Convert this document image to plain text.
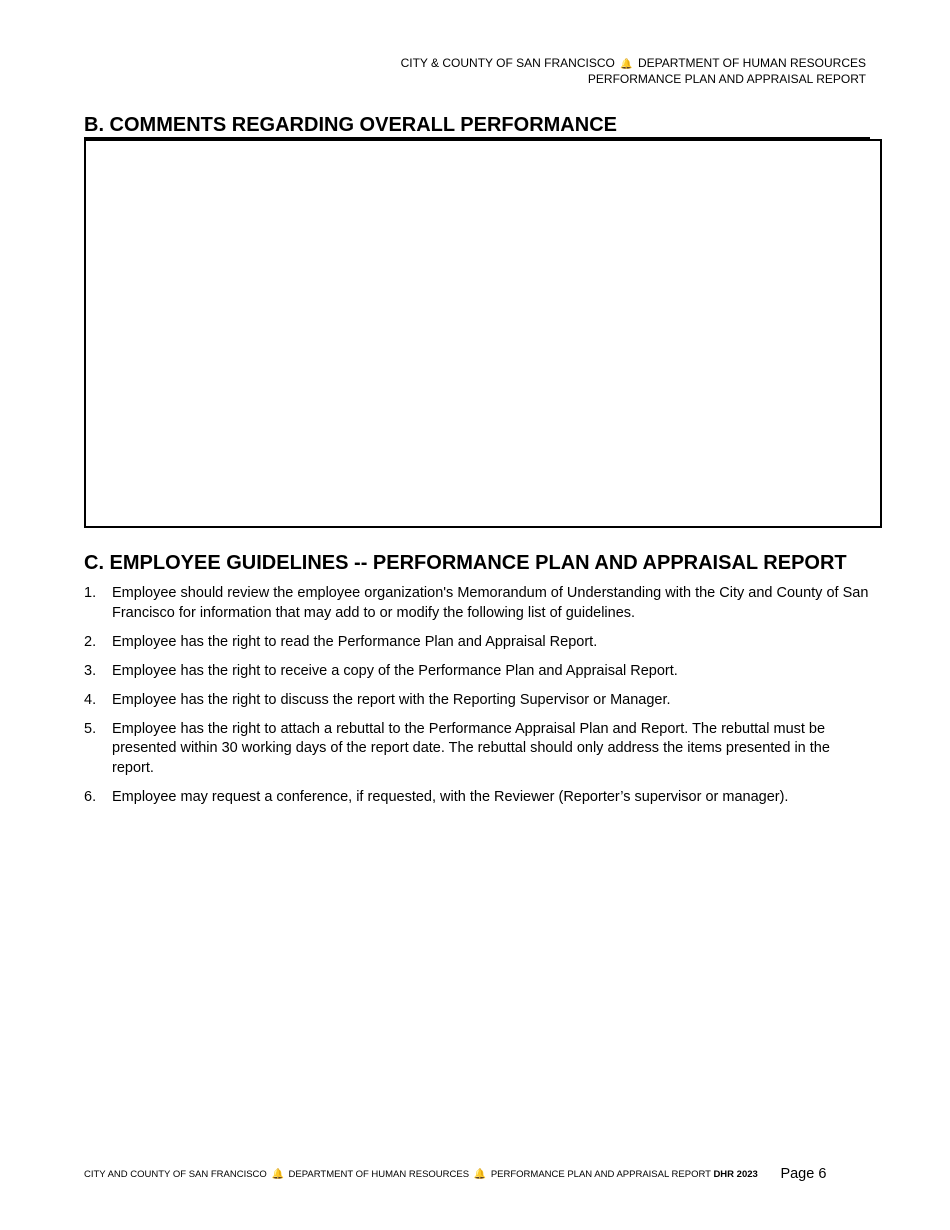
CITY & COUNTY OF SAN FRANCISCO 🔔 DEPARTMENT OF HUMAN RESOURCES
PERFORMANCE PLAN AND APPRAISAL REPORT
B. COMMENTS REGARDING OVERALL PERFORMANCE
C. EMPLOYEE GUIDELINES -- PERFORMANCE PLAN AND APPRAISAL REPORT
1.	Employee should review the employee organization's Memorandum of Understanding with the City and County of San Francisco for information that may add to or modify the following list of guidelines.
2.	Employee has the right to read the Performance Plan and Appraisal Report.
3.	Employee has the right to receive a copy of the Performance Plan and Appraisal Report.
4.	Employee has the right to discuss the report with the Reporting Supervisor or Manager.
5.	Employee has the right to attach a rebuttal to the Performance Appraisal Plan and Report. The rebuttal must be presented within 30 working days of the report date. The rebuttal should only address the items presented in the report.
6.	Employee may request a conference, if requested, with the Reviewer (Reporter’s supervisor or manager).
CITY AND COUNTY OF SAN FRANCISCO 🔔 DEPARTMENT OF HUMAN RESOURCES 🔔 PERFORMANCE PLAN AND APPRAISAL REPORT DHR 2023 Page 6
